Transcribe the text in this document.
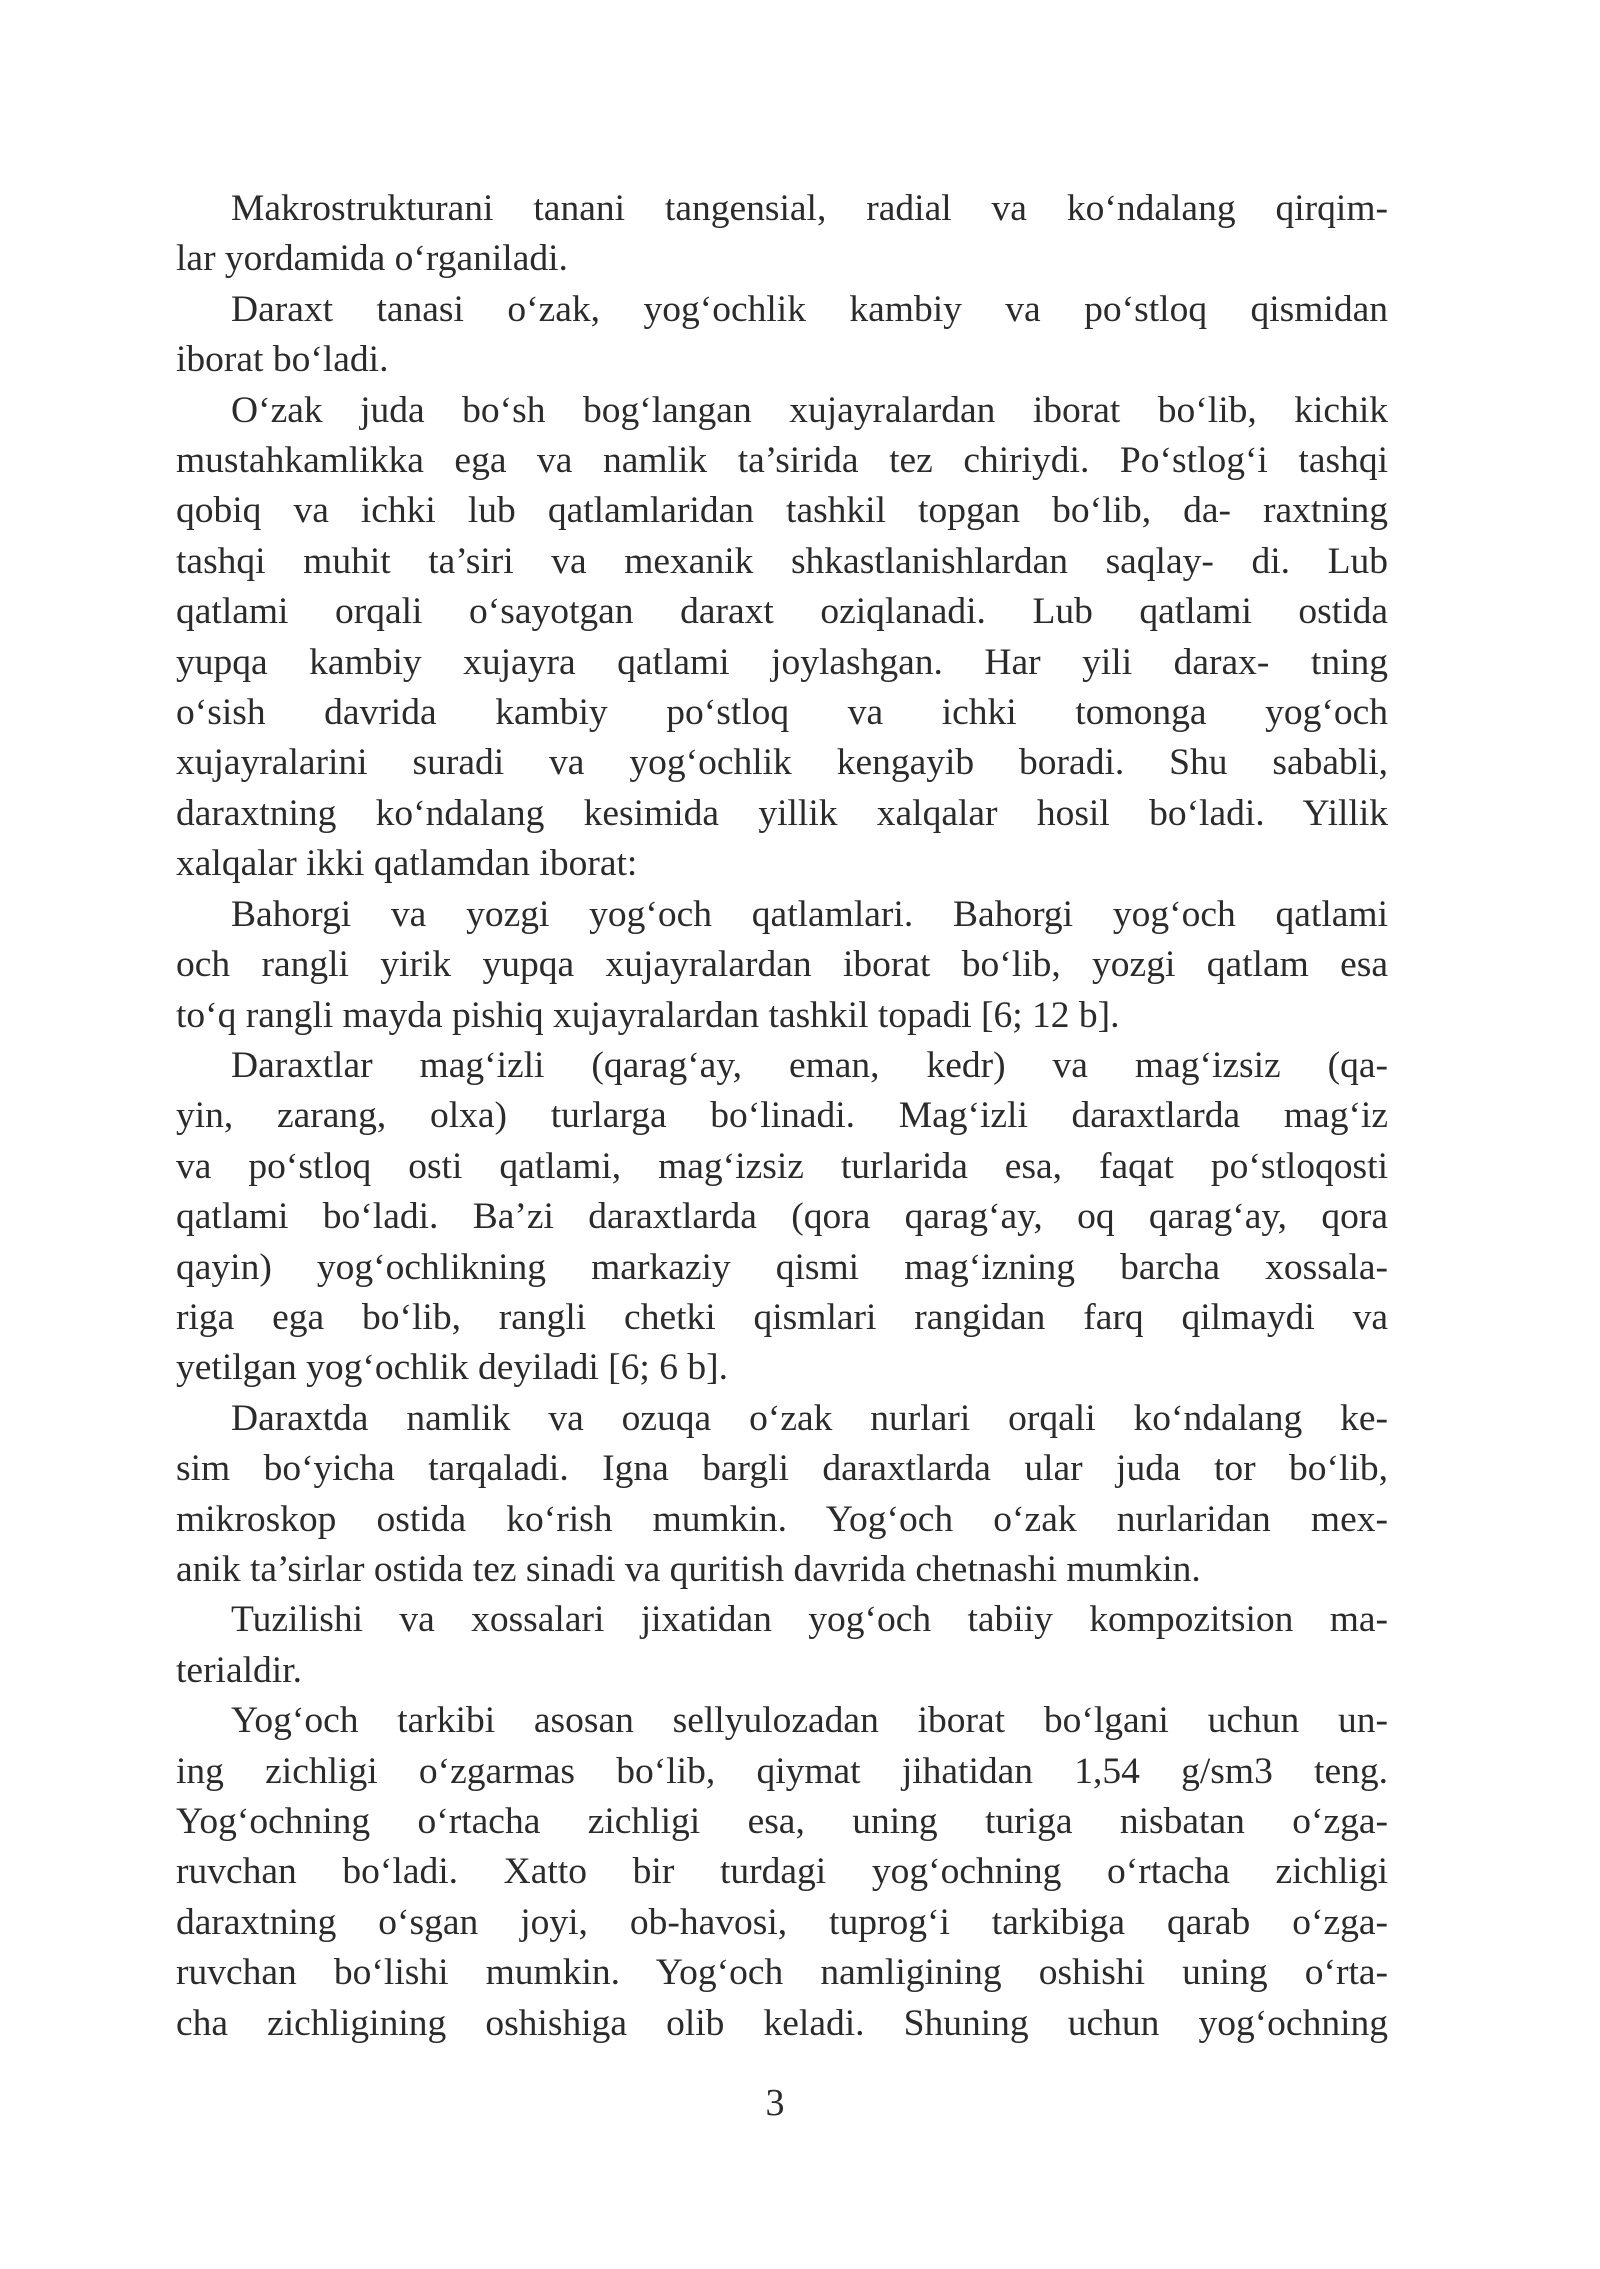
Makrostrukturani tanani tangensial, radial va ko‘ndalang qirqim-
lar yordamida o‘rganiladi.
Daraxt tanasi o‘zak, yog‘ochlik kambiy va po‘stloq qismidan
iborat bo‘ladi.
O‘zak juda bo‘sh bog‘langan xujayralardan iborat bo‘lib, kichik
mustahkamlikka ega va namlik ta’sirida tez chiriydi. Po‘stlog‘i tashqi
qobiq va ichki lub qatlamlaridan tashkil topgan bo‘lib, da- raxtning
tashqi muhit ta’siri va mexanik shkastlanishlardan saqlay- di. Lub
qatlami orqali o‘sayotgan daraxt oziqlanadi. Lub qatlami ostida
yupqa kambiy xujayra qatlami joylashgan. Har yili darax- tning
o‘sish davrida kambiy po‘stloq va ichki tomonga yog‘och
xujayralarini suradi va yog‘ochlik kengayib boradi. Shu sababli,
daraxtning ko‘ndalang kesimida yillik xalqalar hosil bo‘ladi. Yillik
xalqalar ikki qatlamdan iborat:
Bahorgi va yozgi yog‘och qatlamlari. Bahorgi yog‘och qatlami
och rangli yirik yupqa xujayralardan iborat bo‘lib, yozgi qatlam esa
to‘q rangli mayda pishiq xujayralardan tashkil topadi [6; 12 b].
Daraxtlar mag‘izli (qarag‘ay, eman, kedr) va mag‘izsiz (qa-
yin, zarang, olxa) turlarga bo‘linadi. Mag‘izli daraxtlarda mag‘iz
va po‘stloq osti qatlami, mag‘izsiz turlarida esa, faqat po‘stloqosti
qatlami bo‘ladi. Ba’zi daraxtlarda (qora qarag‘ay, oq qarag‘ay, qora
qayin) yog‘ochlikning markaziy qismi mag‘izning barcha xossala-
riga ega bo‘lib, rangli chetki qismlari rangidan farq qilmaydi va
yetilgan yog‘ochlik deyiladi [6; 6 b].
Daraxtda namlik va ozuqa o‘zak nurlari orqali ko‘ndalang ke-
sim bo‘yicha tarqaladi. Igna bargli daraxtlarda ular juda tor bo‘lib,
mikroskop ostida ko‘rish mumkin. Yog‘och o‘zak nurlaridan mex-
anik ta’sirlar ostida tez sinadi va quritish davrida chetnashi mumkin.
Tuzilishi va xossalari jixatidan yog‘och tabiiy kompozitsion ma-
terialdir.
Yog‘och tarkibi asosan sellyulozadan iborat bo‘lgani uchun un-
ing zichligi o‘zgarmas bo‘lib, qiymat jihatidan 1,54 g/sm3 teng.
Yog‘ochning o‘rtacha zichligi esa, uning turiga nisbatan o‘zga-
ruvchan bo‘ladi. Xatto bir turdagi yog‘ochning o‘rtacha zichligi
daraxtning o‘sgan joyi, ob-havosi, tuprog‘i tarkibiga qarab o‘zga-
ruvchan bo‘lishi mumkin. Yog‘och namligining oshishi uning o‘rta-
cha zichligining oshishiga olib keladi. Shuning uchun yog‘ochning
3
